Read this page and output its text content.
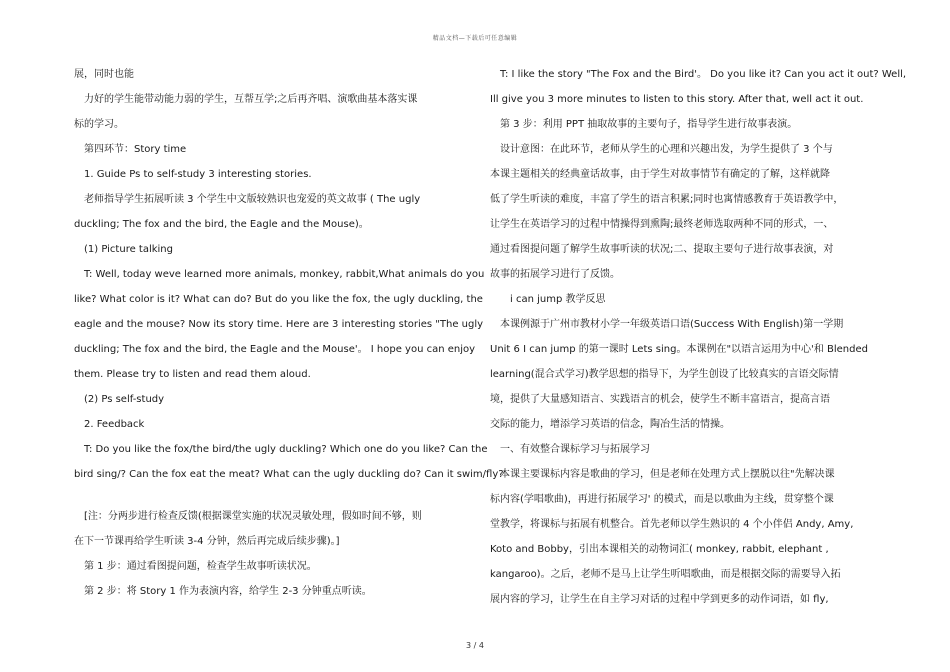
精品文档—下载后可任意编辑
展，同时也能
　力好的学生能带动能力弱的学生，互帮互学;之后再齐唱、演歌曲基本落实课
标的学习。
　第四环节：Story time
　1. Guide Ps to self-study 3 interesting stories.
　老师指导学生拓展听读 3 个学生中文版较熟识也宠爱的英文故事 ( The ugly
duckling; The fox and the bird, the Eagle and the Mouse)。
　(1) Picture talking
　T: Well, today weve learned more animals, monkey, rabbit,What animals do you
like? What color is it? What can do? But do you like the fox, the ugly duckling, the
eagle and the mouse? Now its story time. Here are 3 interesting stories "The ugly
duckling; The fox and the bird, the Eagle and the Mouse'。 I hope you can enjoy
them. Please try to listen and read them aloud.
　(2) Ps self-study
　2. Feedback
　T: Do you like the fox/the bird/the ugly duckling? Which one do you like? Can the
bird sing/? Can the fox eat the meat? What can the ugly duckling do? Can it swim/fly?
　[注：分两步进行检查反馈(根据课堂实施的状况灵敏处理，假如时间不够，则
在下一节课再给学生听读 3-4 分钟，然后再完成后续步骤)。]
　第 1 步：通过看图提问题，检查学生故事听读状况。
　第 2 步：将 Story 1 作为表演内容，给学生 2-3 分钟重点听读。
　T: I like the story "The Fox and the Bird'。 Do you like it? Can you act it out? Well,
Ill give you 3 more minutes to listen to this story. After that, well act it out.
　第 3 步：利用 PPT 抽取故事的主要句子，指导学生进行故事表演。
　设计意图：在此环节，老师从学生的心理和兴趣出发，为学生提供了 3 个与
本课主题相关的经典童话故事，由于学生对故事情节有确定的了解，这样就降
低了学生听读的难度，丰富了学生的语言积累;同时也寓情感教育于英语教学中，
让学生在英语学习的过程中情操得到熏陶;最终老师选取两种不同的形式，一、
通过看图提问题了解学生故事听读的状况;二、提取主要句子进行故事表演，对
故事的拓展学习进行了反馈。
　　i can jump 教学反思
　本课例源于广州市教材小学一年级英语口语(Success With English)第一学期
Unit 6 I can jump 的第一课时 Lets sing。本课例在"以语言运用为中心'和 Blended
learning(混合式学习)教学思想的指导下，为学生创设了比较真实的言语交际情
境，提供了大量感知语言、实践语言的机会，使学生不断丰富语言，提高言语
交际的能力，增添学习英语的信念，陶冶生活的情操。
　一、有效整合课标学习与拓展学习
　本课主要课标内容是歌曲的学习，但是老师在处理方式上摆脱以往"先解决课
标内容(学唱歌曲)，再进行拓展学习' 的模式，而是以歌曲为主线，贯穿整个课
堂教学，将课标与拓展有机整合。首先老师以学生熟识的 4 个小伴侣 Andy, Amy,
Koto and Bobby，引出本课相关的动物词汇( monkey, rabbit, elephant ,
kangaroo)。之后，老师不是马上让学生听唱歌曲，而是根据交际的需要导入拓
展内容的学习，让学生在自主学习对话的过程中学到更多的动作词语，如 fly,
3 / 4
